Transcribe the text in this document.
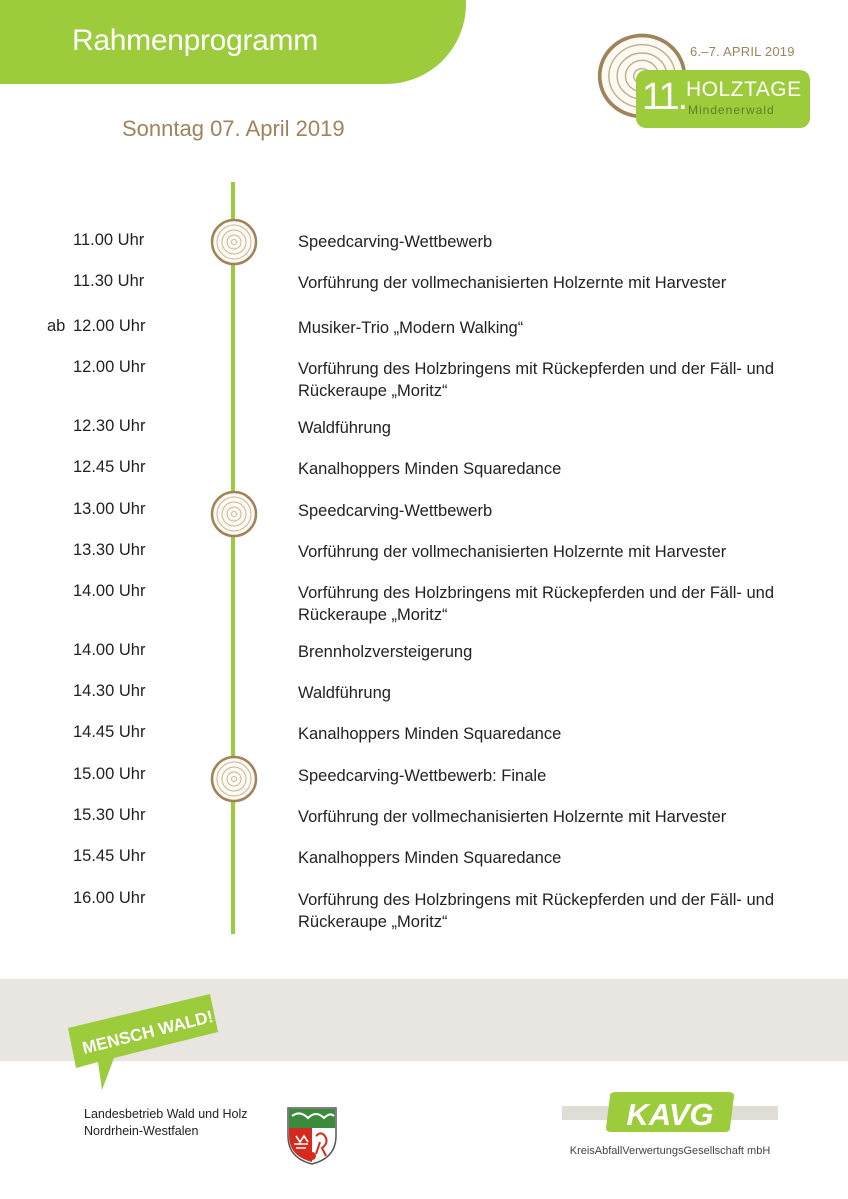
Rahmenprogramm
Sonntag 07. April 2019
6.–7. APRIL 2019
11. HOLZTAGE
Mindenerwald
11.00 Uhr	Speedcarving-Wettbewerb
11.30 Uhr	Vorführung der vollmechanisierten Holzernte mit Harvester
ab 12.00 Uhr	Musiker-Trio „Modern Walking“
12.00 Uhr	Vorführung des Holzbringens mit Rückepferden und der Fäll- und Rückeraupe „Moritz“
12.30 Uhr	Waldführung
12.45 Uhr	Kanalhoppers Minden Squaredance
13.00 Uhr	Speedcarving-Wettbewerb
13.30 Uhr	Vorführung der vollmechanisierten Holzernte mit Harvester
14.00 Uhr	Vorführung des Holzbringens mit Rückepferden und der Fäll- und Rückeraupe „Moritz“
14.00 Uhr	Brennholzversteigerung
14.30 Uhr	Waldführung
14.45 Uhr	Kanalhoppers Minden Squaredance
15.00 Uhr	Speedcarving-Wettbewerb: Finale
15.30 Uhr	Vorführung der vollmechanisierten Holzernte mit Harvester
15.45 Uhr	Kanalhoppers Minden Squaredance
16.00 Uhr	Vorführung des Holzbringens mit Rückepferden und der Fäll- und Rückeraupe „Moritz“
MENSCH WALD!
Landesbetrieb Wald und Holz
Nordrhein-Westfalen	KAVG
KreisAbfallVerwertungsGesellschaft mbH
